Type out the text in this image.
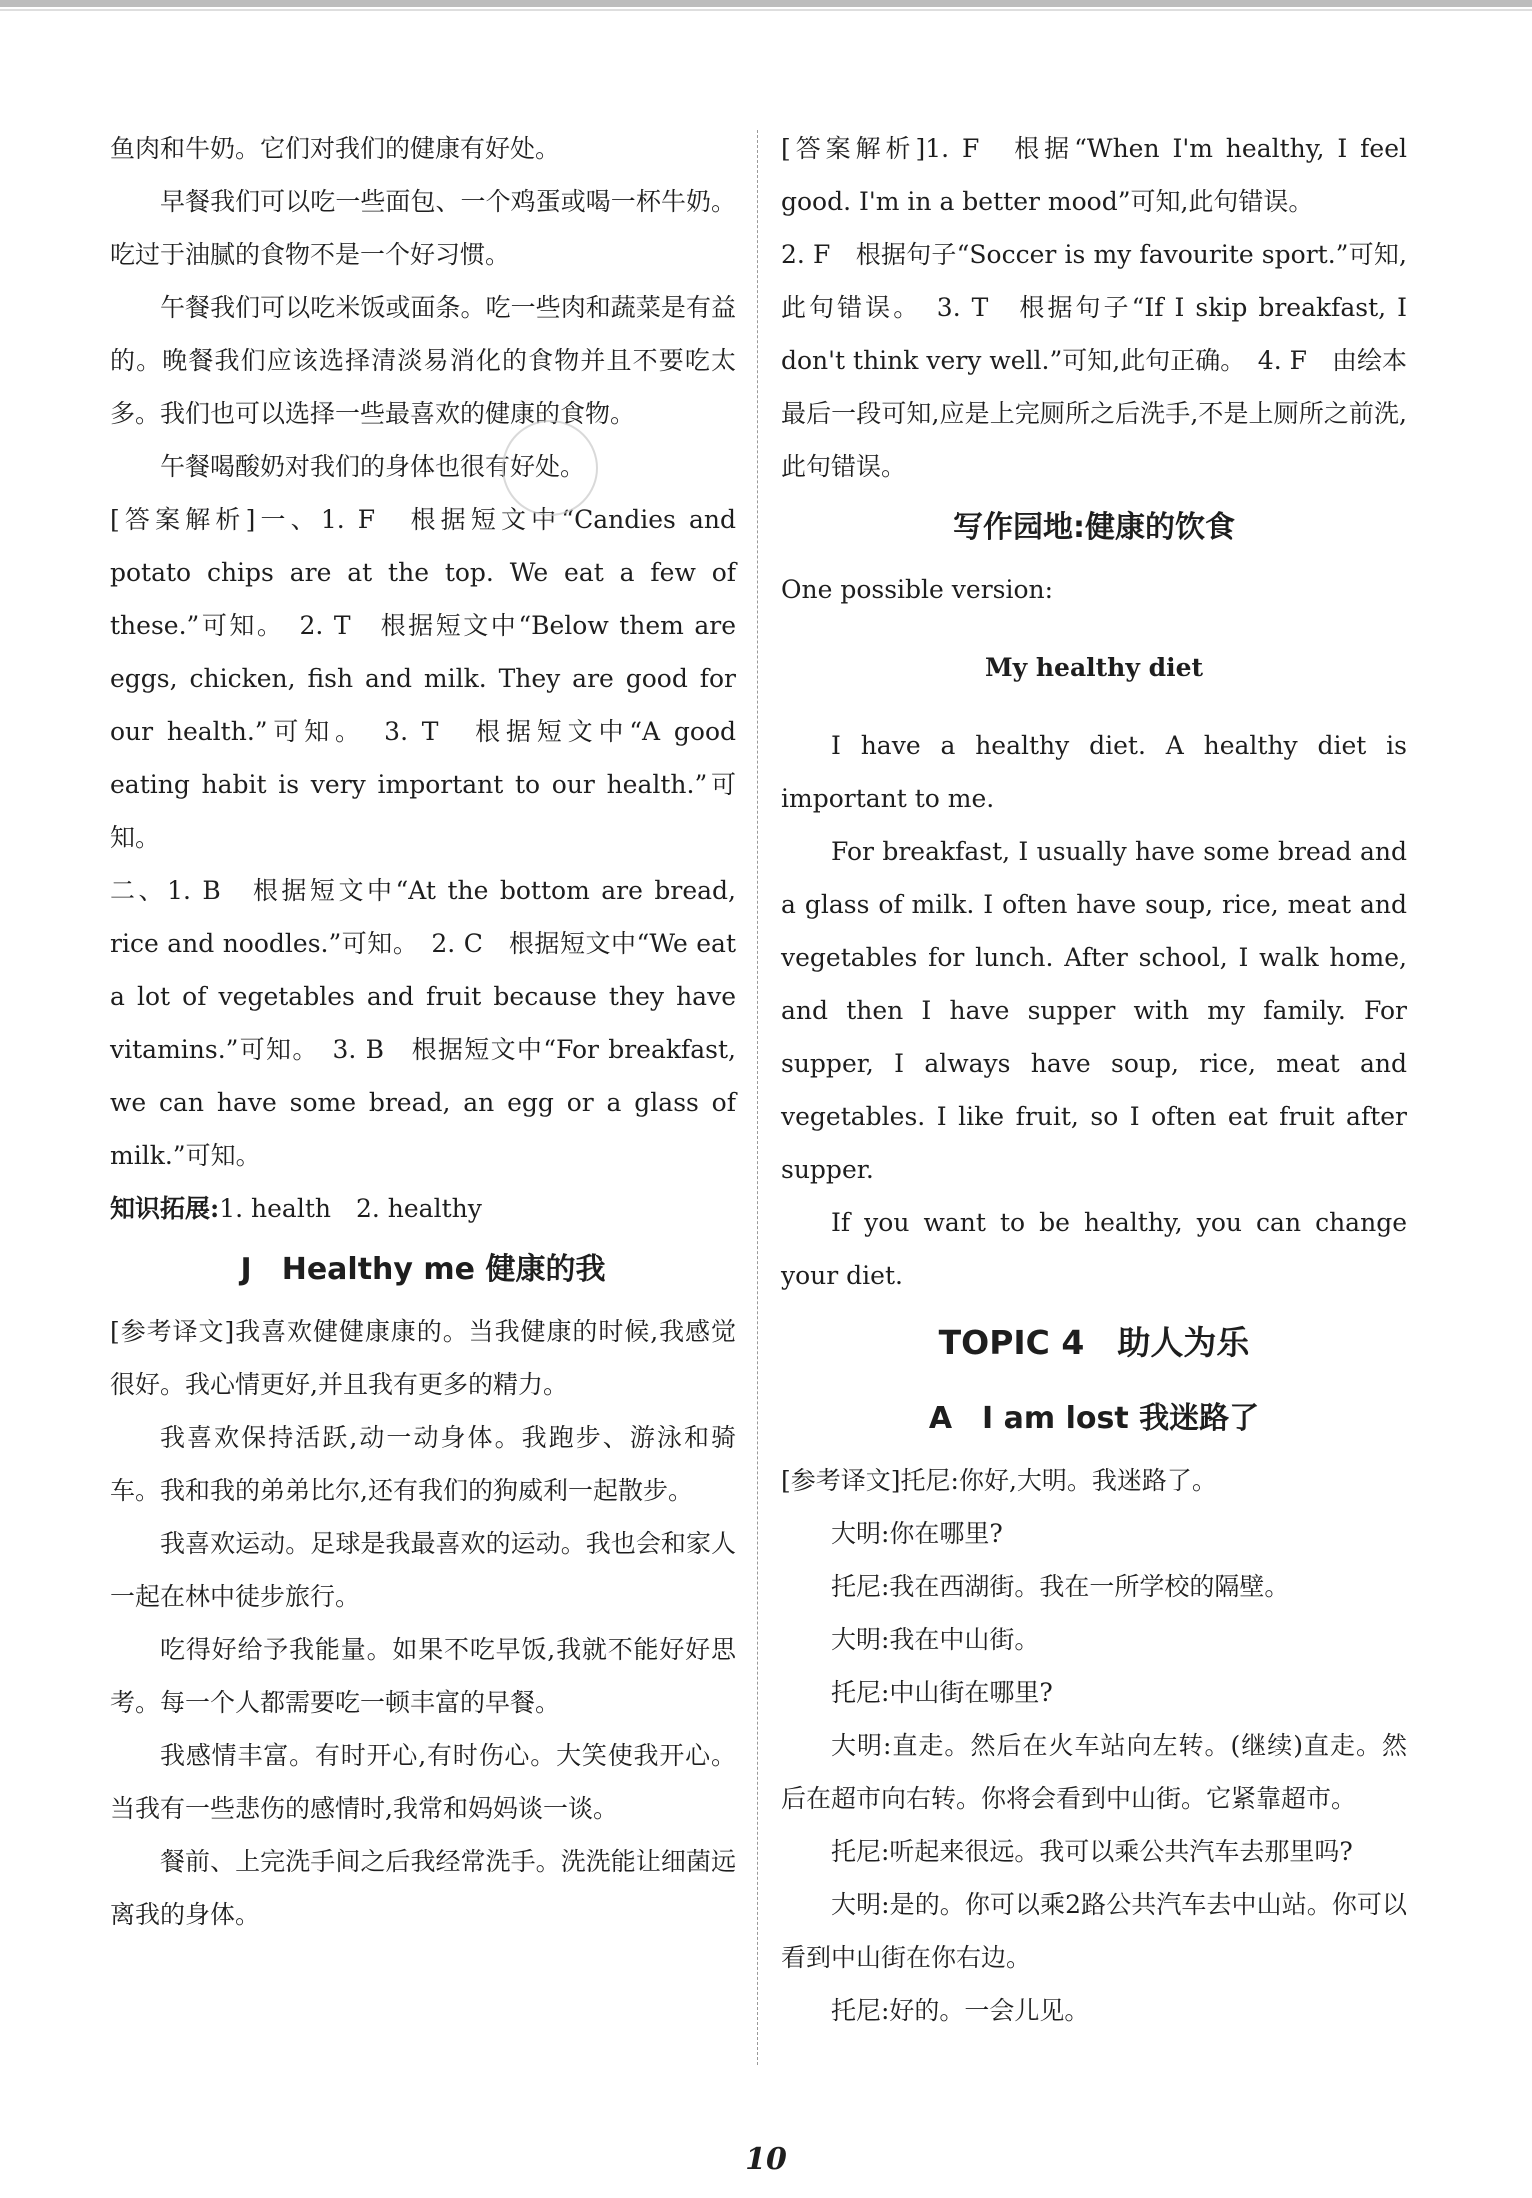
鱼肉和牛奶。它们对我们的健康有好处。

早餐我们可以吃一些面包、一个鸡蛋或喝一杯牛奶。吃过于油腻的食物不是一个好习惯。

午餐我们可以吃米饭或面条。吃一些肉和蔬菜是有益的。晚餐我们应该选择清淡易消化的食物并且不要吃太多。我们也可以选择一些最喜欢的健康的食物。

午餐喝酸奶对我们的身体也很有好处。

[答案解析]一、1. F　根据短文中“Candies and potato chips are at the top. We eat a few of these.”可知。　2. T　根据短文中“Below them are eggs, chicken, fish and milk. They are good for our health.”可知。　3. T　根据短文中“A good eating habit is very important to our health.”可知。

二、1. B　根据短文中“At the bottom are bread, rice and noodles.”可知。　2. C　根据短文中“We eat a lot of vegetables and fruit because they have vitamins.”可知。　3. B　根据短文中“For breakfast, we can have some bread, an egg or a glass of milk.”可知。

知识拓展:1. health　2. healthy

J　Healthy me 健康的我

[参考译文]我喜欢健健康康的。当我健康的时候,我感觉很好。我心情更好,并且我有更多的精力。

我喜欢保持活跃,动一动身体。我跑步、游泳和骑车。我和我的弟弟比尔,还有我们的狗威利一起散步。

我喜欢运动。足球是我最喜欢的运动。我也会和家人一起在林中徒步旅行。

吃得好给予我能量。如果不吃早饭,我就不能好好思考。每一个人都需要吃一顿丰富的早餐。

我感情丰富。有时开心,有时伤心。大笑使我开心。当我有一些悲伤的感情时,我常和妈妈谈一谈。

餐前、上完洗手间之后我经常洗手。洗洗能让细菌远离我的身体。

[答案解析]1. F　根据“When I'm healthy, I feel good. I'm in a better mood”可知,此句错误。

2. F　根据句子“Soccer is my favourite sport.”可知,此句错误。　3. T　根据句子“If I skip breakfast, I don't think very well.”可知,此句正确。　4. F　由绘本最后一段可知,应是上完厕所之后洗手,不是上厕所之前洗,此句错误。

写作园地:健康的饮食

One possible version:

My healthy diet

I have a healthy diet. A healthy diet is important to me.

For breakfast, I usually have some bread and a glass of milk. I often have soup, rice, meat and vegetables for lunch. After school, I walk home, and then I have supper with my family. For supper, I always have soup, rice, meat and vegetables. I like fruit, so I often eat fruit after supper.

If you want to be healthy, you can change your diet.

TOPIC 4　助人为乐
A　I am lost 我迷路了

[参考译文]托尼:你好,大明。我迷路了。

大明:你在哪里?

托尼:我在西湖街。我在一所学校的隔壁。

大明:我在中山街。

托尼:中山街在哪里?

大明:直走。然后在火车站向左转。(继续)直走。然后在超市向右转。你将会看到中山街。它紧靠超市。

托尼:听起来很远。我可以乘公共汽车去那里吗?

大明:是的。你可以乘2路公共汽车去中山站。你可以看到中山街在你右边。

托尼:好的。一会儿见。

10
